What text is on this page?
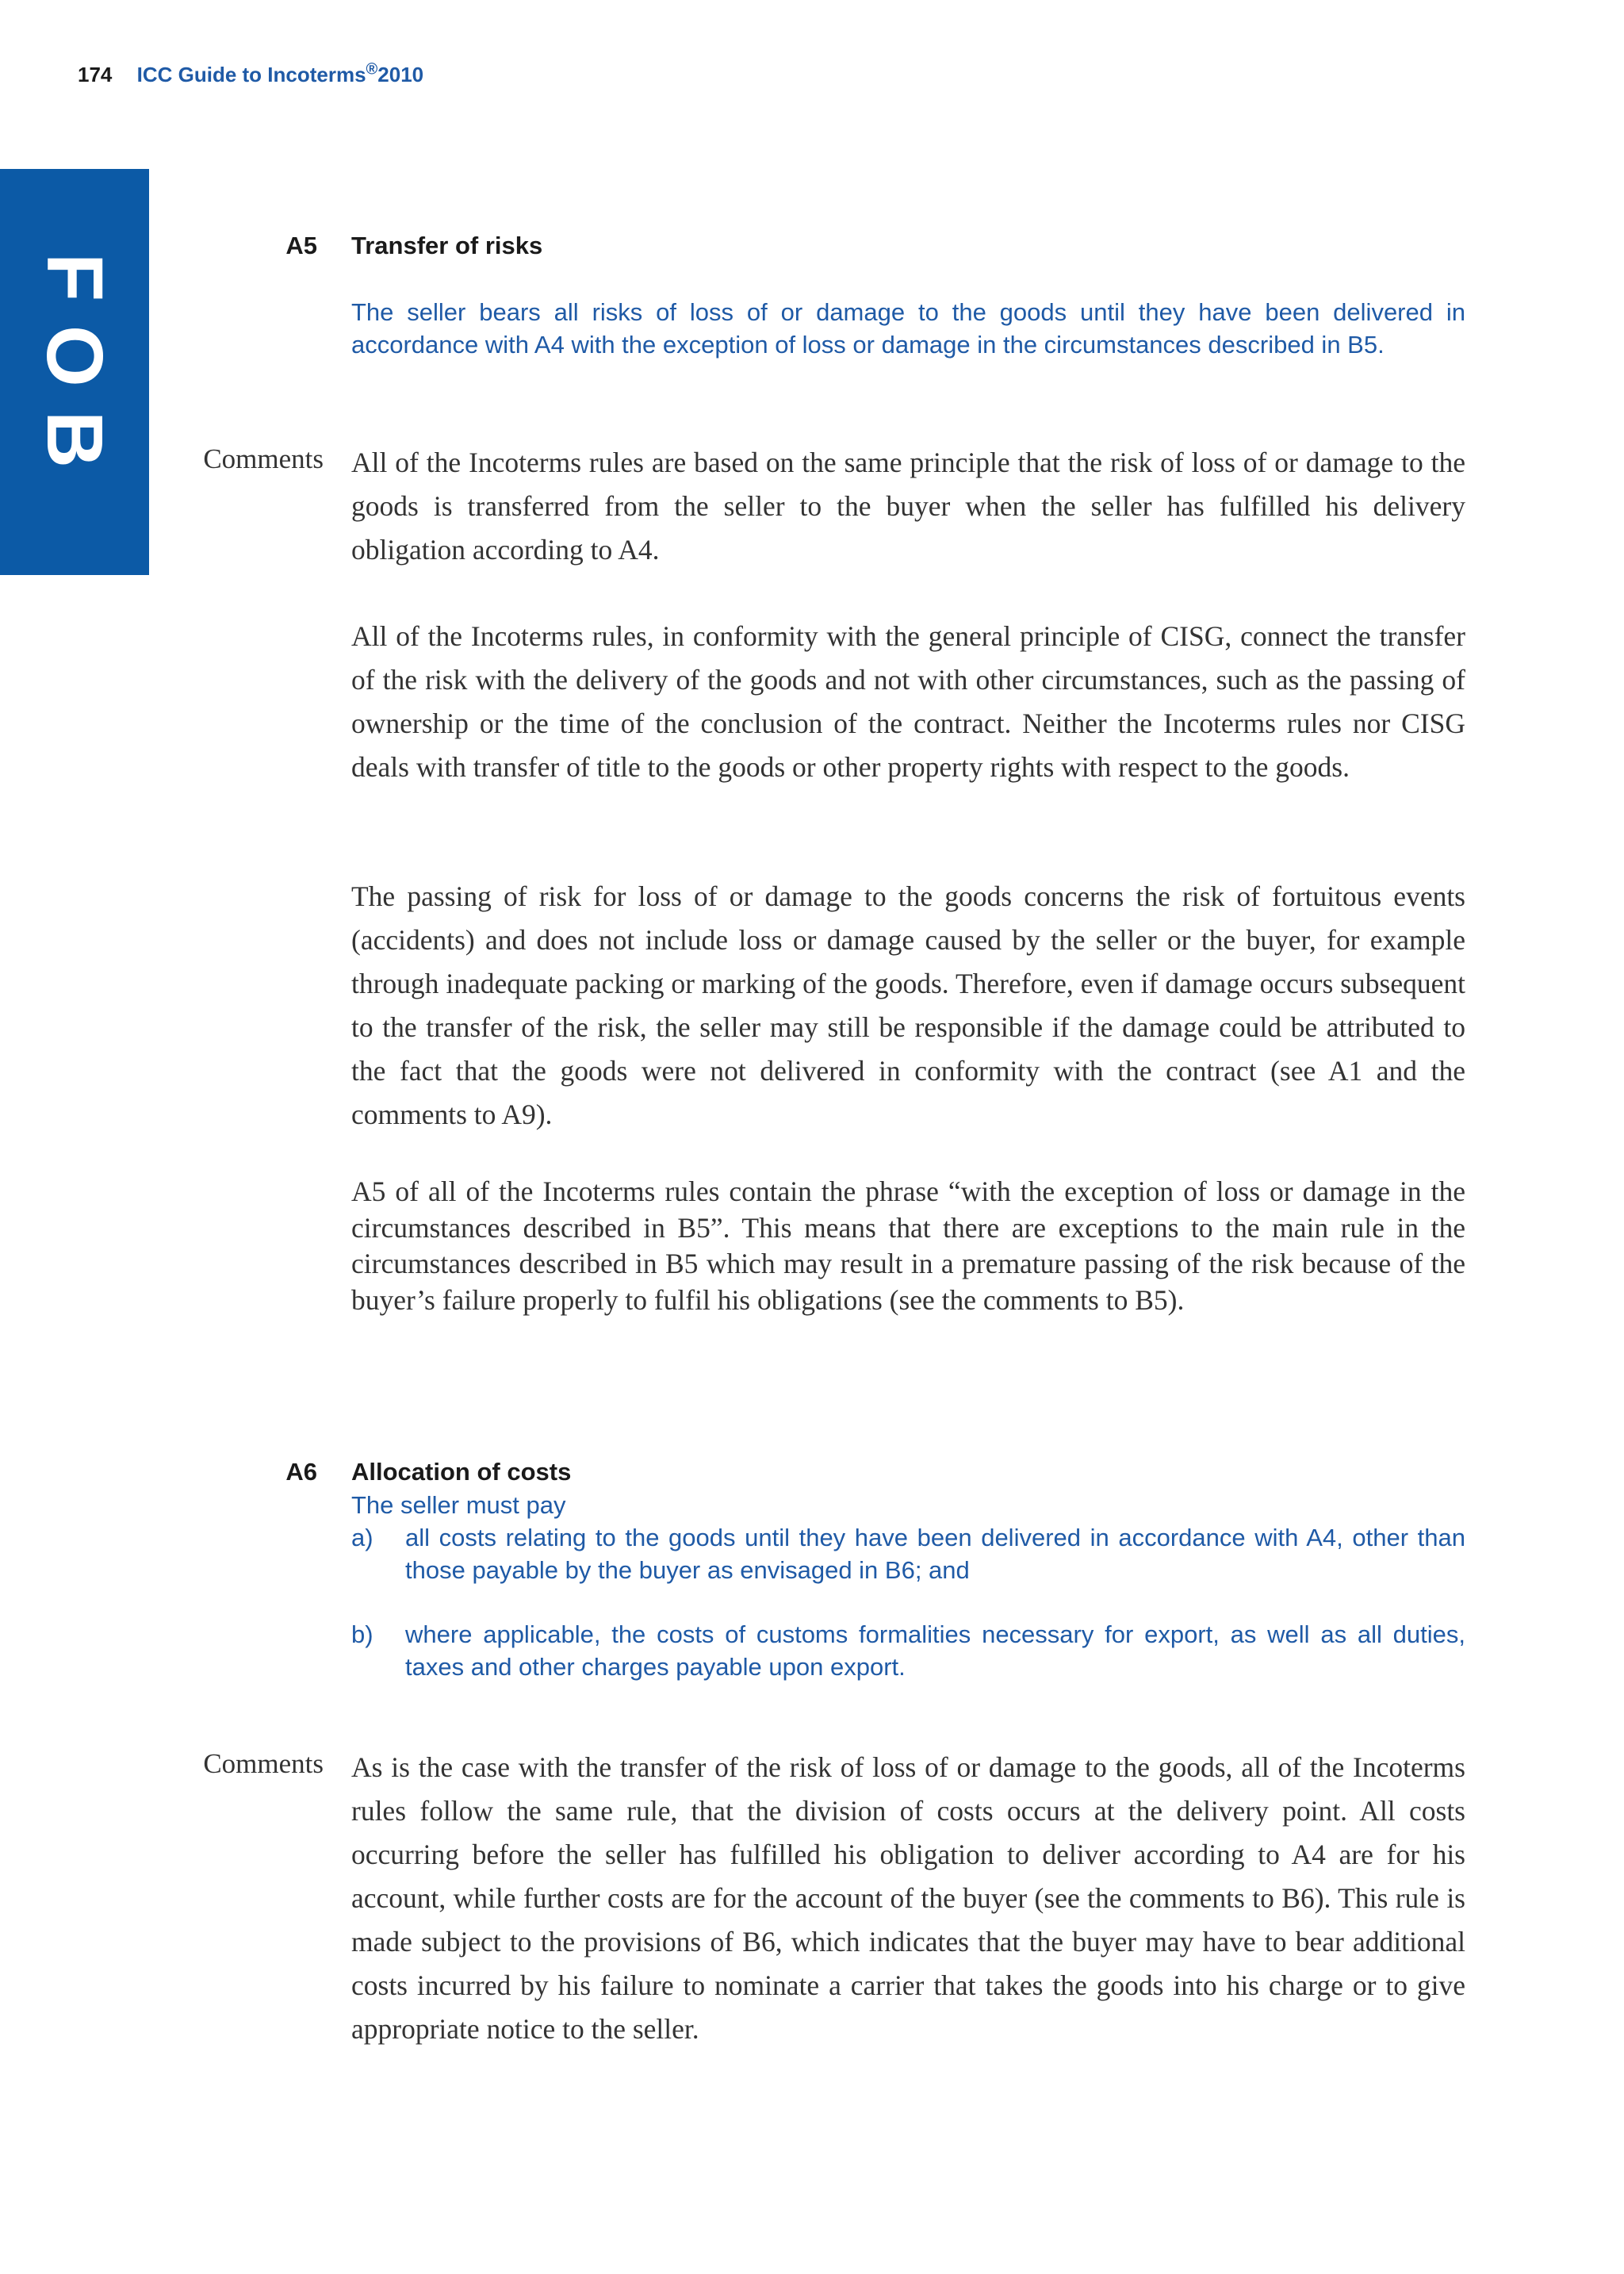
174 ICC Guide to Incoterms®2010
FOB
A5 Transfer of risks
The seller bears all risks of loss of or damage to the goods until they have been delivered in accordance with A4 with the exception of loss or damage in the circumstances described in B5.
Comments All of the Incoterms rules are based on the same principle that the risk of loss of or damage to the goods is transferred from the seller to the buyer when the seller has fulfilled his delivery obligation according to A4.
All of the Incoterms rules, in conformity with the general principle of CISG, connect the transfer of the risk with the delivery of the goods and not with other circumstances, such as the passing of ownership or the time of the conclusion of the contract. Neither the Incoterms rules nor CISG deals with transfer of title to the goods or other property rights with respect to the goods.
The passing of risk for loss of or damage to the goods concerns the risk of fortuitous events (accidents) and does not include loss or damage caused by the seller or the buyer, for example through inadequate packing or marking of the goods. Therefore, even if damage occurs subsequent to the transfer of the risk, the seller may still be responsible if the damage could be attributed to the fact that the goods were not delivered in conformity with the contract (see A1 and the comments to A9).
A5 of all of the Incoterms rules contain the phrase “with the exception of loss or damage in the circumstances described in B5”. This means that there are exceptions to the main rule in the circumstances described in B5 which may result in a premature passing of the risk because of the buyer’s failure properly to fulfil his obligations (see the comments to B5).
A6 Allocation of costs
The seller must pay
a) all costs relating to the goods until they have been delivered in accordance with A4, other than those payable by the buyer as envisaged in B6; and
b) where applicable, the costs of customs formalities necessary for export, as well as all duties, taxes and other charges payable upon export.
Comments As is the case with the transfer of the risk of loss of or damage to the goods, all of the Incoterms rules follow the same rule, that the division of costs occurs at the delivery point. All costs occurring before the seller has fulfilled his obligation to deliver according to A4 are for his account, while further costs are for the account of the buyer (see the comments to B6). This rule is made subject to the provisions of B6, which indicates that the buyer may have to bear additional costs incurred by his failure to nominate a carrier that takes the goods into his charge or to give appropriate notice to the seller.
